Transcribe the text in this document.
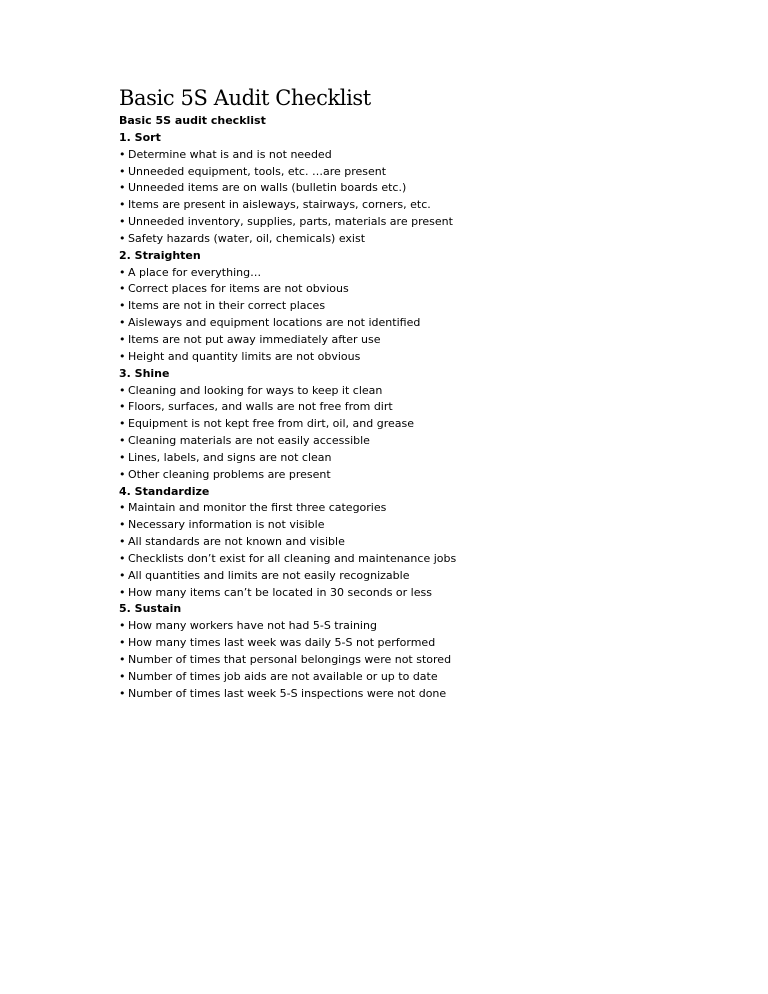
Basic 5S Audit Checklist

Basic 5S audit checklist

1. Sort

• Determine what is and is not needed
• Unneeded equipment, tools, etc. …are present
• Unneeded items are on walls (bulletin boards etc.)
• Items are present in aisleways, stairways, corners, etc.
• Unneeded inventory, supplies, parts, materials are present
• Safety hazards (water, oil, chemicals) exist

2. Straighten

• A place for everything…
• Correct places for items are not obvious
• Items are not in their correct places
• Aisleways and equipment locations are not identified
• Items are not put away immediately after use
• Height and quantity limits are not obvious

3. Shine

• Cleaning and looking for ways to keep it clean
• Floors, surfaces, and walls are not free from dirt
• Equipment is not kept free from dirt, oil, and grease
• Cleaning materials are not easily accessible
• Lines, labels, and signs are not clean
• Other cleaning problems are present

4. Standardize

• Maintain and monitor the first three categories
• Necessary information is not visible
• All standards are not known and visible
• Checklists don’t exist for all cleaning and maintenance jobs
• All quantities and limits are not easily recognizable
• How many items can’t be located in 30 seconds or less

5. Sustain

• How many workers have not had 5-S training
• How many times last week was daily 5-S not performed
• Number of times that personal belongings were not stored
• Number of times job aids are not available or up to date
• Number of times last week 5-S inspections were not done
